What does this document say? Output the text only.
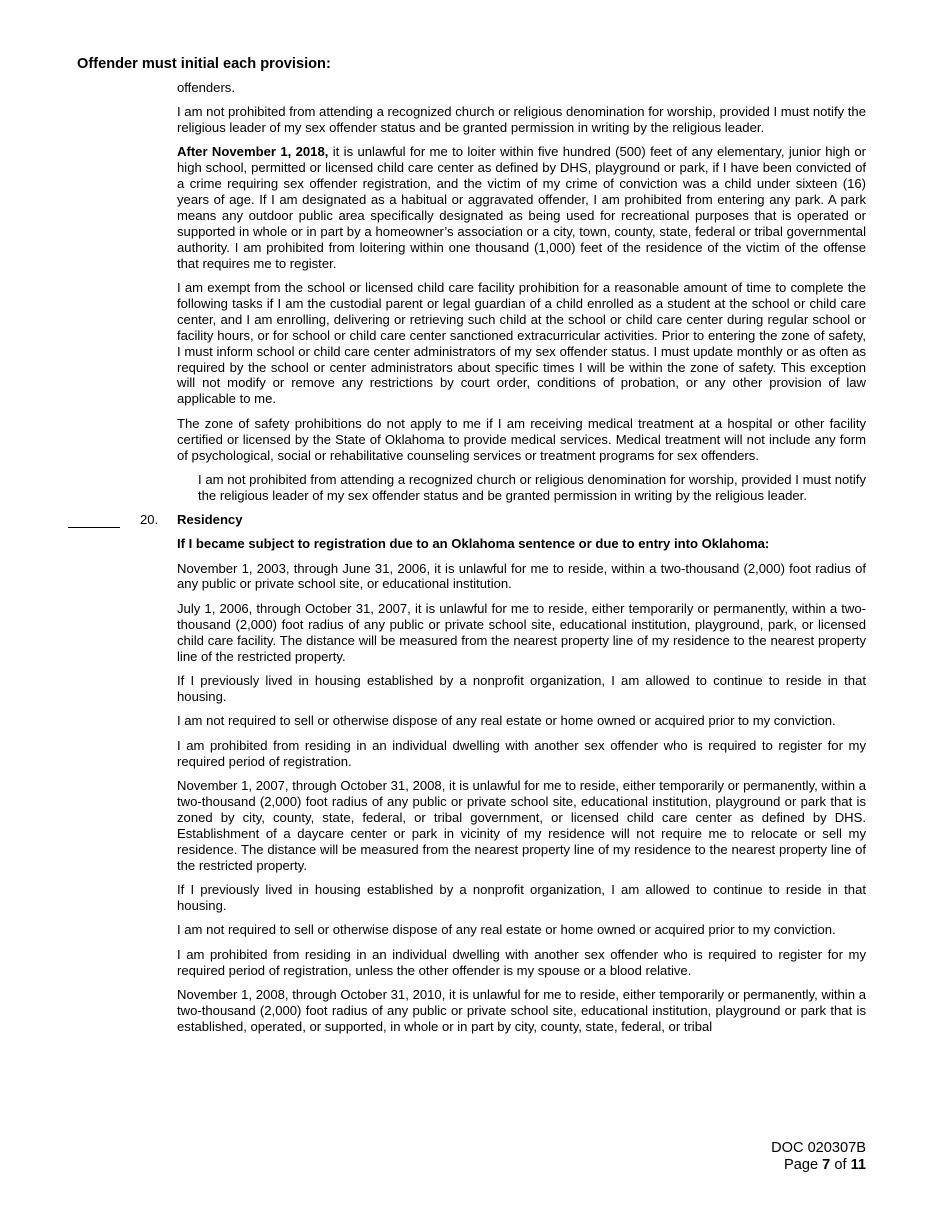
Offender must initial each provision:

offenders.

I am not prohibited from attending a recognized church or religious denomination for worship, provided I must notify the religious leader of my sex offender status and be granted permission in writing by the religious leader.

After November 1, 2018, it is unlawful for me to loiter within five hundred (500) feet of any elementary, junior high or high school, permitted or licensed child care center as defined by DHS, playground or park, if I have been convicted of a crime requiring sex offender registration, and the victim of my crime of conviction was a child under sixteen (16) years of age. If I am designated as a habitual or aggravated offender, I am prohibited from entering any park. A park means any outdoor public area specifically designated as being used for recreational purposes that is operated or supported in whole or in part by a homeowner’s association or a city, town, county, state, federal or tribal governmental authority. I am prohibited from loitering within one thousand (1,000) feet of the residence of the victim of the offense that requires me to register.

I am exempt from the school or licensed child care facility prohibition for a reasonable amount of time to complete the following tasks if I am the custodial parent or legal guardian of a child enrolled as a student at the school or child care center, and I am enrolling, delivering or retrieving such child at the school or child care center during regular school or facility hours, or for school or child care center sanctioned extracurricular activities. Prior to entering the zone of safety, I must inform school or child care center administrators of my sex offender status. I must update monthly or as often as required by the school or center administrators about specific times I will be within the zone of safety. This exception will not modify or remove any restrictions by court order, conditions of probation, or any other provision of law applicable to me.

The zone of safety prohibitions do not apply to me if I am receiving medical treatment at a hospital or other facility certified or licensed by the State of Oklahoma to provide medical services. Medical treatment will not include any form of psychological, social or rehabilitative counseling services or treatment programs for sex offenders.

I am not prohibited from attending a recognized church or religious denomination for worship, provided I must notify the religious leader of my sex offender status and be granted permission in writing by the religious leader.

20. Residency

If I became subject to registration due to an Oklahoma sentence or due to entry into Oklahoma:

November 1, 2003, through June 31, 2006, it is unlawful for me to reside, within a two-thousand (2,000) foot radius of any public or private school site, or educational institution.

July 1, 2006, through October 31, 2007, it is unlawful for me to reside, either temporarily or permanently, within a two-thousand (2,000) foot radius of any public or private school site, educational institution, playground, park, or licensed child care facility. The distance will be measured from the nearest property line of my residence to the nearest property line of the restricted property.

If I previously lived in housing established by a nonprofit organization, I am allowed to continue to reside in that housing.

I am not required to sell or otherwise dispose of any real estate or home owned or acquired prior to my conviction.

I am prohibited from residing in an individual dwelling with another sex offender who is required to register for my required period of registration.

November 1, 2007, through October 31, 2008, it is unlawful for me to reside, either temporarily or permanently, within a two-thousand (2,000) foot radius of any public or private school site, educational institution, playground or park that is zoned by city, county, state, federal, or tribal government, or licensed child care center as defined by DHS. Establishment of a daycare center or park in vicinity of my residence will not require me to relocate or sell my residence. The distance will be measured from the nearest property line of my residence to the nearest property line of the restricted property.

If I previously lived in housing established by a nonprofit organization, I am allowed to continue to reside in that housing.

I am not required to sell or otherwise dispose of any real estate or home owned or acquired prior to my conviction.

I am prohibited from residing in an individual dwelling with another sex offender who is required to register for my required period of registration, unless the other offender is my spouse or a blood relative.

November 1, 2008, through October 31, 2010, it is unlawful for me to reside, either temporarily or permanently, within a two-thousand (2,000) foot radius of any public or private school site, educational institution, playground or park that is established, operated, or supported, in whole or in part by city, county, state, federal, or tribal

DOC 020307B
Page 7 of 11
